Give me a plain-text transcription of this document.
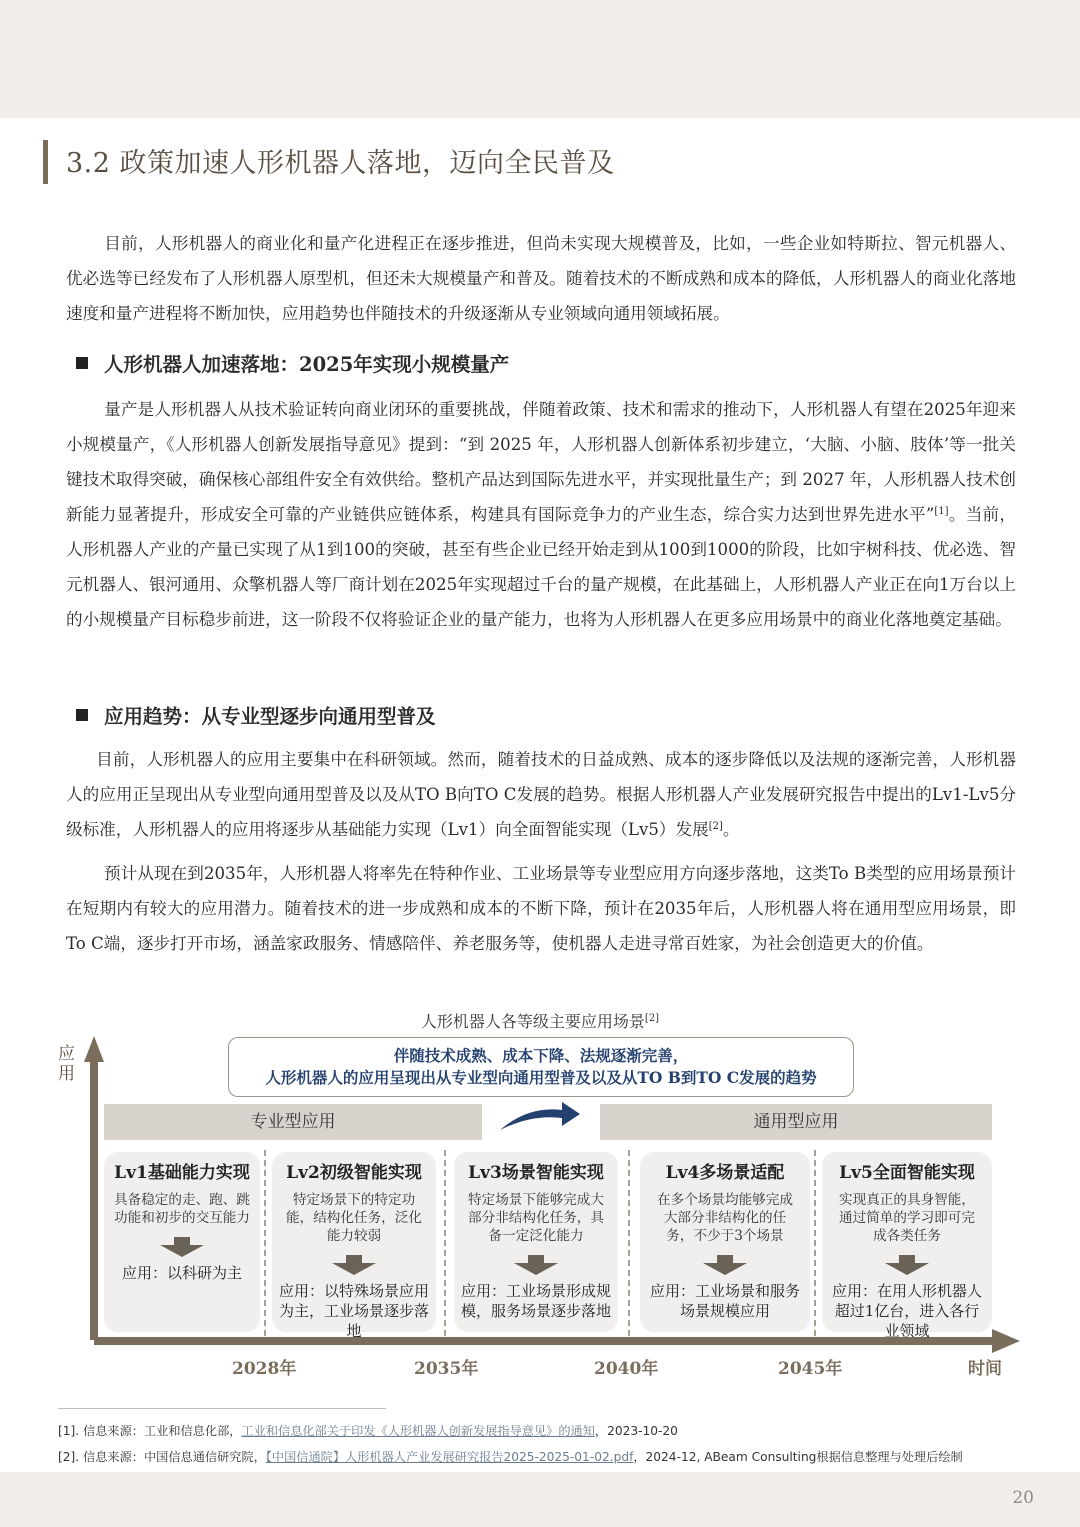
3.2 政策加速人形机器人落地，迈向全民普及

目前，人形机器人的商业化和量产化进程正在逐步推进，但尚未实现大规模普及，比如，一些企业如特斯拉、智元机器人、优必选等已经发布了人形机器人原型机，但还未大规模量产和普及。随着技术的不断成熟和成本的降低，人形机器人的商业化落地速度和量产进程将不断加快，应用趋势也伴随技术的升级逐渐从专业领域向通用领域拓展。

人形机器人加速落地：2025年实现小规模量产

量产是人形机器人从技术验证转向商业闭环的重要挑战，伴随着政策、技术和需求的推动下，人形机器人有望在2025年迎来小规模量产，《人形机器人创新发展指导意见》提到：“到 2025 年，人形机器人创新体系初步建立，‘大脑、小脑、肢体’等一批关键技术取得突破，确保核心部组件安全有效供给。整机产品达到国际先进水平，并实现批量生产；到 2027 年，人形机器人技术创新能力显著提升，形成安全可靠的产业链供应链体系，构建具有国际竞争力的产业生态，综合实力达到世界先进水平”[1]。当前，人形机器人产业的产量已实现了从1到100的突破，甚至有些企业已经开始走到从100到1000的阶段，比如宇树科技、优必选、智元机器人、银河通用、众擎机器人等厂商计划在2025年实现超过千台的量产规模，在此基础上，人形机器人产业正在向1万台以上的小规模量产目标稳步前进，这一阶段不仅将验证企业的量产能力，也将为人形机器人在更多应用场景中的商业化落地奠定基础。

应用趋势：从专业型逐步向通用型普及

目前，人形机器人的应用主要集中在科研领域。然而，随着技术的日益成熟、成本的逐步降低以及法规的逐渐完善，人形机器人的应用正呈现出从专业型向通用型普及以及从TO B向TO C发展的趋势。根据人形机器人产业发展研究报告中提出的Lv1-Lv5分级标准，人形机器人的应用将逐步从基础能力实现（Lv1）向全面智能实现（Lv5）发展[2]。

预计从现在到2035年，人形机器人将率先在特种作业、工业场景等专业型应用方向逐步落地，这类To B类型的应用场景预计在短期内有较大的应用潜力。随着技术的进一步成熟和成本的不断下降，预计在2035年后，人形机器人将在通用型应用场景，即To C端，逐步打开市场，涵盖家政服务、情感陪伴、养老服务等，使机器人走进寻常百姓家，为社会创造更大的价值。

人形机器人各等级主要应用场景[2]
应用
伴随技术成熟、成本下降、法规逐渐完善，
人形机器人的应用呈现出从专业型向通用型普及以及从TO B到TO C发展的趋势
专业型应用	通用型应用
Lv1基础能力实现
具备稳定的走、跑、跳功能和初步的交互能力
应用：以科研为主
Lv2初级智能实现
特定场景下的特定功能，结构化任务，泛化能力较弱
应用：以特殊场景应用为主，工业场景逐步落地
Lv3场景智能实现
特定场景下能够完成大部分非结构化任务，具备一定泛化能力
应用：工业场景形成规模，服务场景逐步落地
Lv4多场景适配
在多个场景均能够完成大部分非结构化的任务，不少于3个场景
应用：工业场景和服务场景规模应用
Lv5全面智能实现
实现真正的具身智能，通过简单的学习即可完成各类任务
应用：在用人形机器人超过1亿台，进入各行业领域
2028年	2035年	2040年	2045年	时间
[1]. 信息来源：工业和信息化部，工业和信息化部关于印发《人形机器人创新发展指导意见》的通知，2023-10-20
[2]. 信息来源：中国信息通信研究院，【中国信通院】人形机器人产业发展研究报告2025-2025-01-02.pdf，2024-12, ABeam Consulting根据信息整理与处理后绘制
20
